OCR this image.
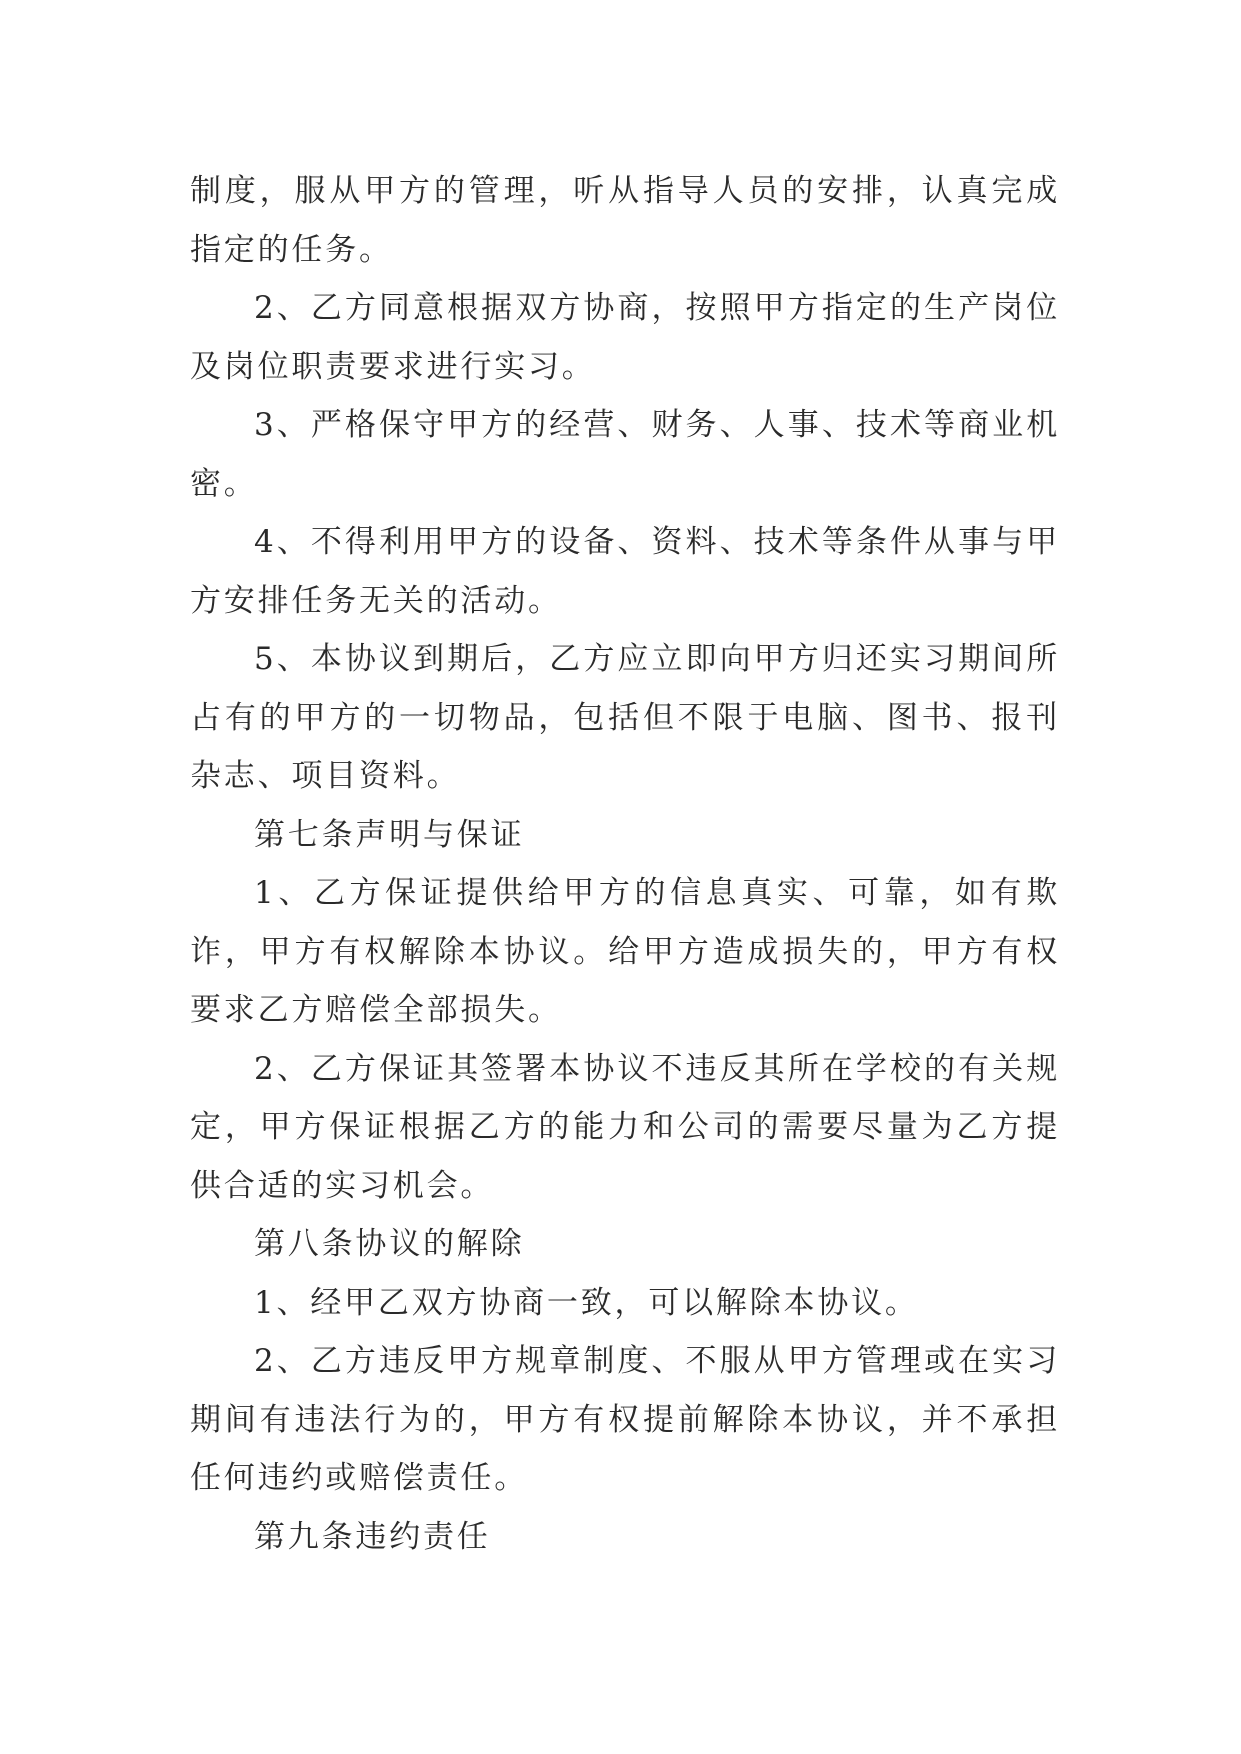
制度，服从甲方的管理，听从指导人员的安排，认真完成指定的任务。

2、乙方同意根据双方协商，按照甲方指定的生产岗位及岗位职责要求进行实习。

3、严格保守甲方的经营、财务、人事、技术等商业机密。

4、不得利用甲方的设备、资料、技术等条件从事与甲方安排任务无关的活动。

5、本协议到期后，乙方应立即向甲方归还实习期间所占有的甲方的一切物品，包括但不限于电脑、图书、报刊杂志、项目资料。

第七条声明与保证

1、乙方保证提供给甲方的信息真实、可靠，如有欺诈，甲方有权解除本协议。给甲方造成损失的，甲方有权要求乙方赔偿全部损失。

2、乙方保证其签署本协议不违反其所在学校的有关规定，甲方保证根据乙方的能力和公司的需要尽量为乙方提供合适的实习机会。

第八条协议的解除

1、经甲乙双方协商一致，可以解除本协议。

2、乙方违反甲方规章制度、不服从甲方管理或在实习期间有违法行为的，甲方有权提前解除本协议，并不承担任何违约或赔偿责任。

第九条违约责任
